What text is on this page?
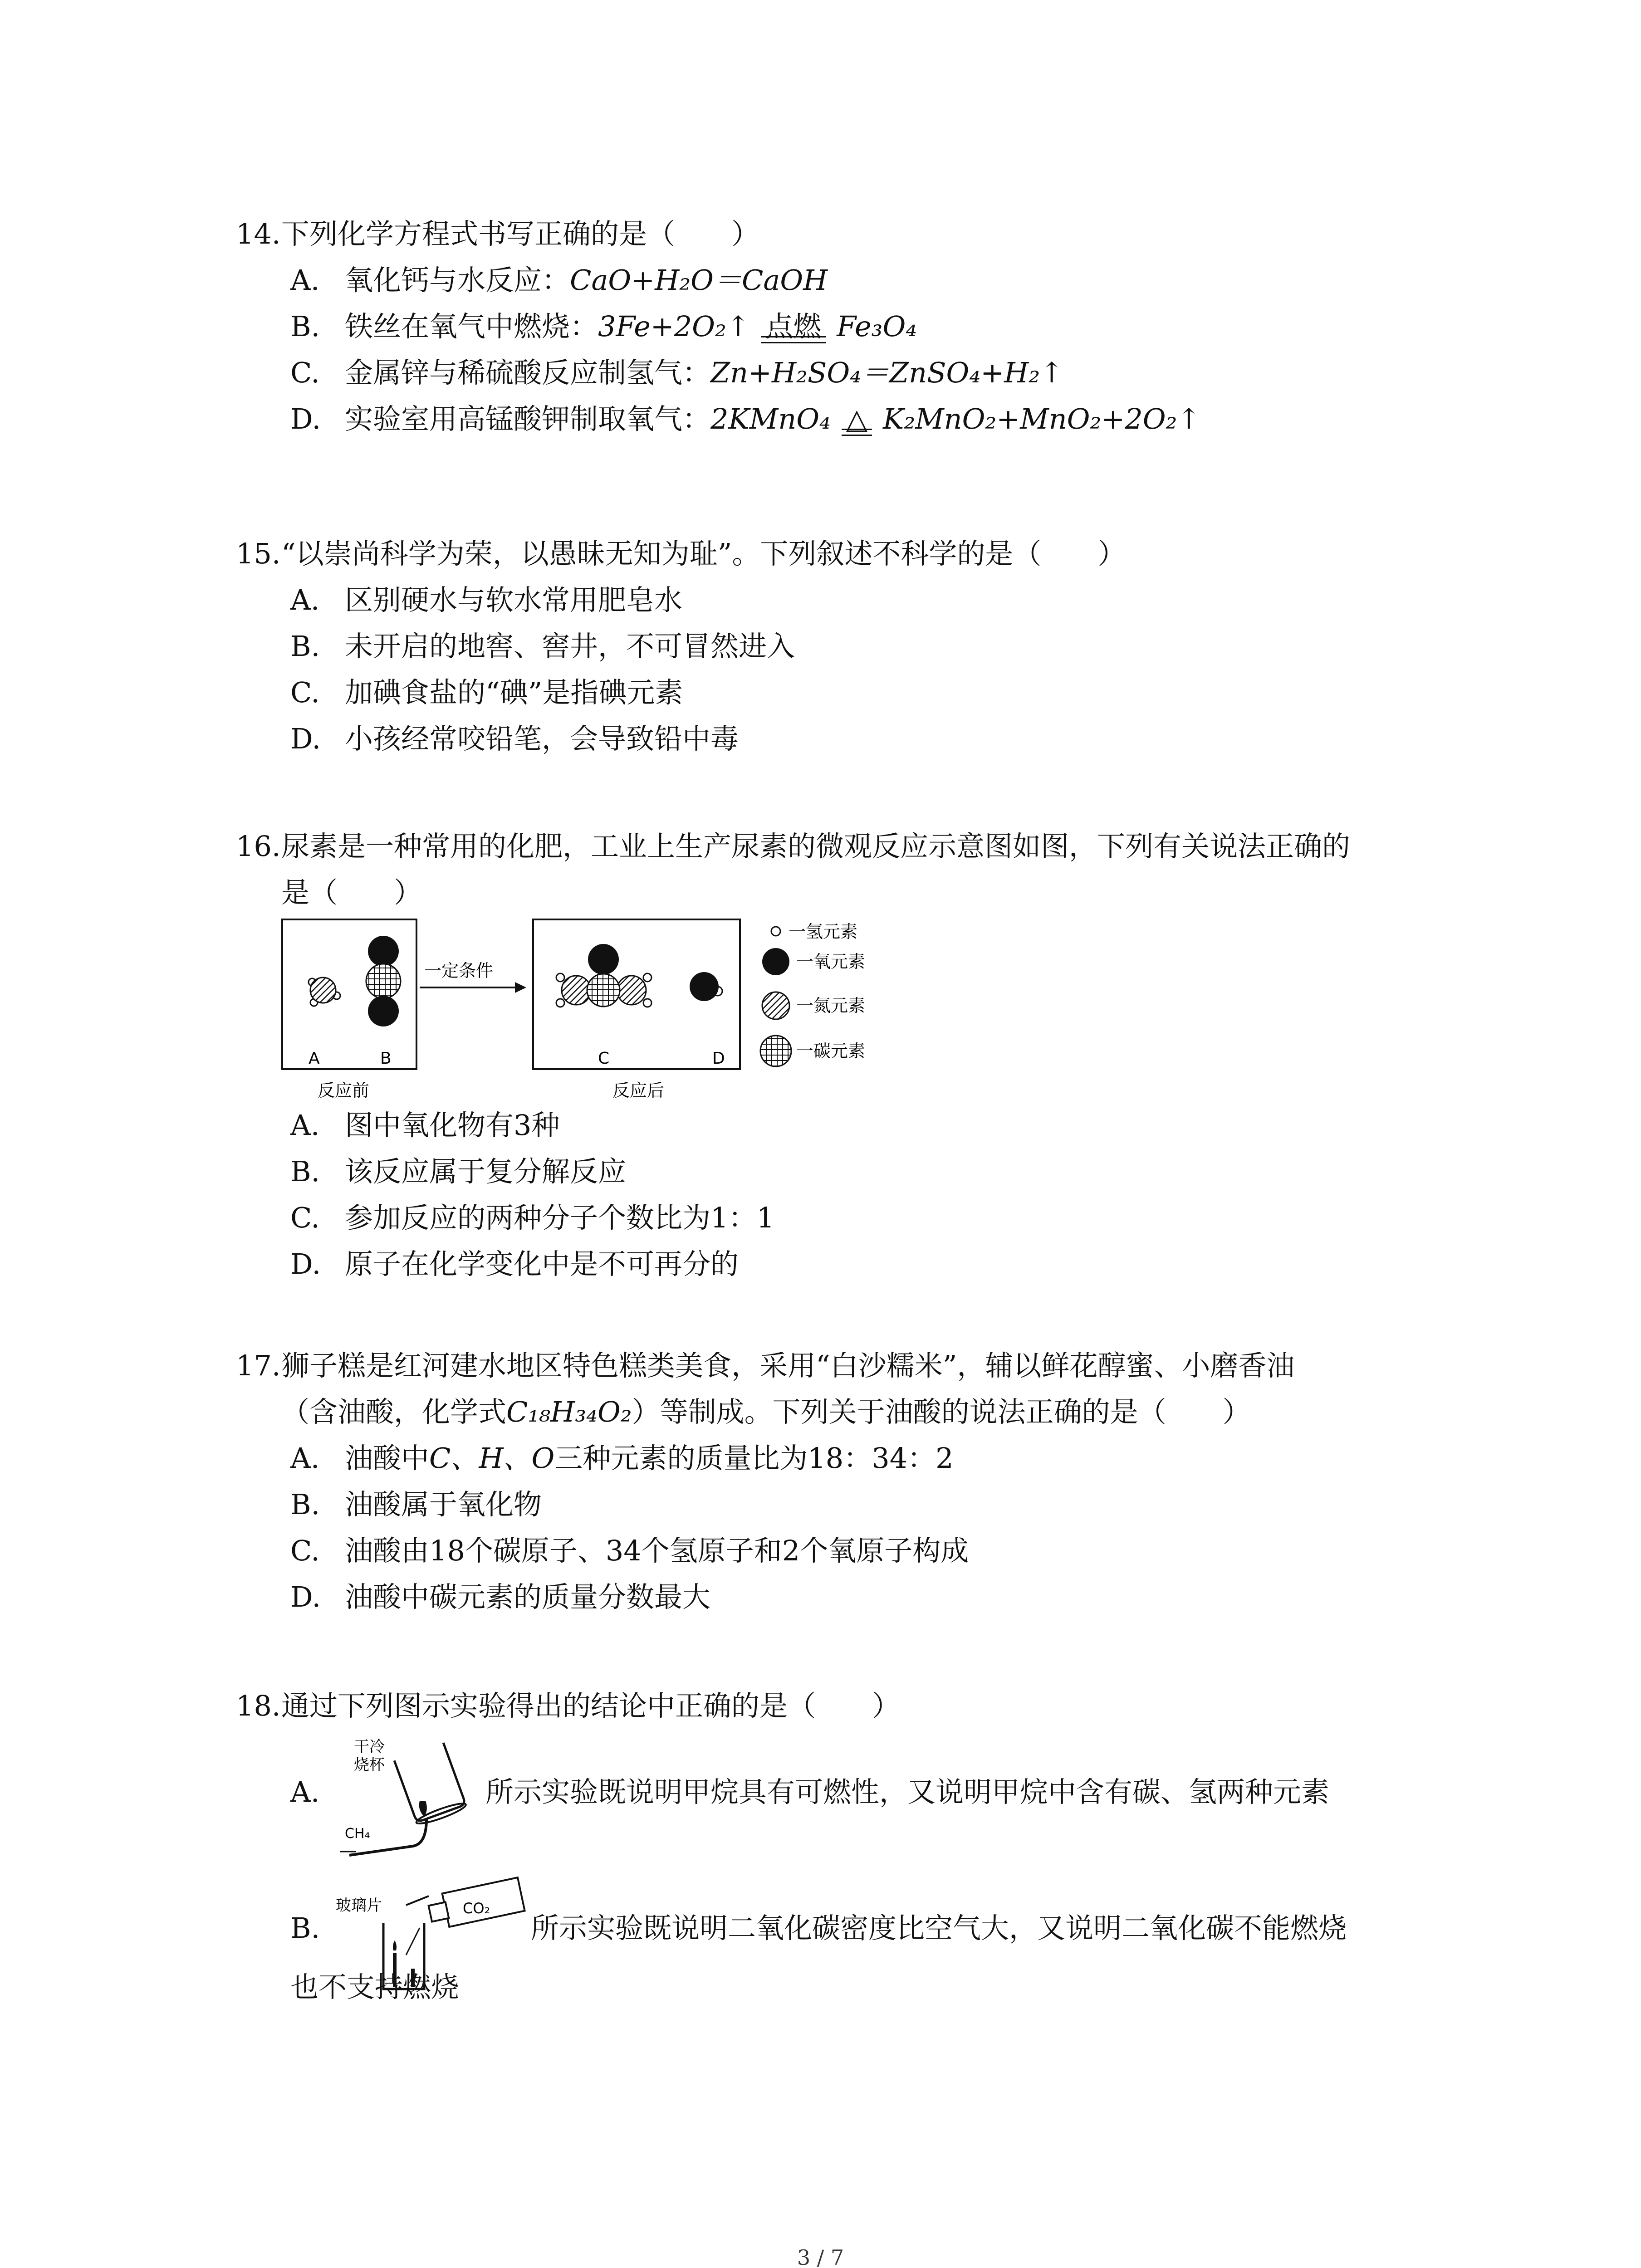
14.下列化学方程式书写正确的是（　　）
A. 氧化钙与水反应：CaO+H₂O＝CaOH
B. 铁丝在氧气中燃烧：3Fe+2O₂↑ 点燃 Fe₃O₄
C. 金属锌与稀硫酸反应制氢气：Zn+H₂SO₄＝ZnSO₄+H₂↑
D. 实验室用高锰酸钾制取氧气：2KMnO₄ △ K₂MnO₂+MnO₂+2O₂↑
15.“以崇尚科学为荣，以愚昧无知为耻”。下列叙述不科学的是（　　）
A. 区别硬水与软水常用肥皂水
B. 未开启的地窖、窖井，不可冒然进入
C. 加碘食盐的“碘”是指碘元素
D. 小孩经常咬铅笔，会导致铅中毒
16.尿素是一种常用的化肥，工业上生产尿素的微观反应示意图如图，下列有关说法正确的
是（　　）
A	B
反应前
一定条件
C	D
反应后
一氢元素
一氧元素
一氮元素
一碳元素
A. 图中氧化物有3种
B. 该反应属于复分解反应
C. 参加反应的两种分子个数比为1：1
D. 原子在化学变化中是不可再分的
17.狮子糕是红河建水地区特色糕类美食，采用“白沙糯米”，辅以鲜花醇蜜、小磨香油
（含油酸，化学式C₁₈H₃₄O₂）等制成。下列关于油酸的说法正确的是（　　）
A. 油酸中C、H、O三种元素的质量比为18：34：2
B. 油酸属于氧化物
C. 油酸由18个碳原子、34个氢原子和2个氧原子构成
D. 油酸中碳元素的质量分数最大
18.通过下列图示实验得出的结论中正确的是（　　）
A.	所示实验既说明甲烷具有可燃性，又说明甲烷中含有碳、氢两种元素
干冷
烧杯
CH₄
B.	所示实验既说明二氧化碳密度比空气大，又说明二氧化碳不能燃烧
玻璃片	CO₂
也不支持燃烧
3 / 7
